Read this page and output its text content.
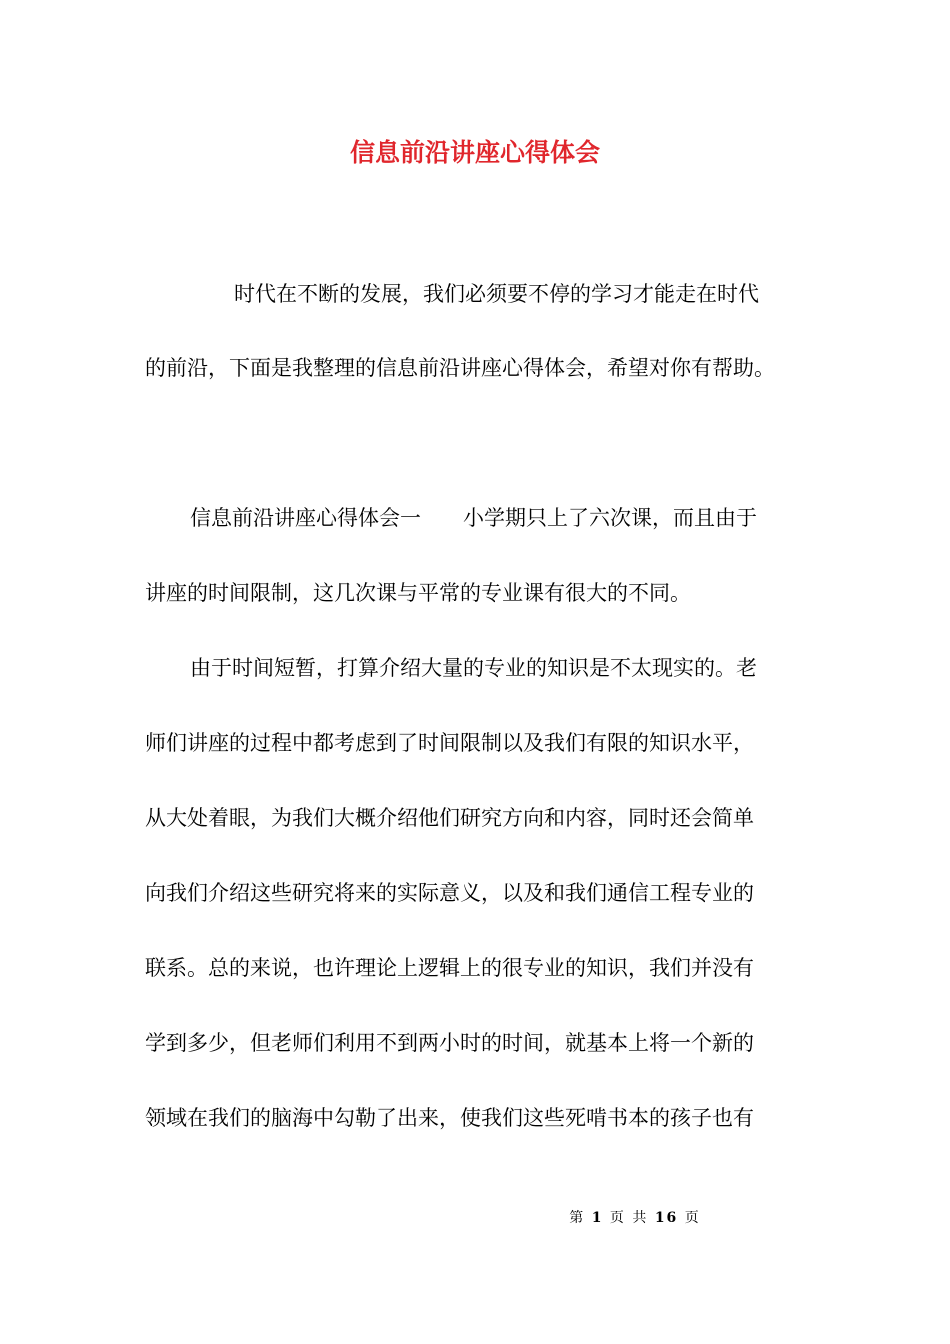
信息前沿讲座心得体会

时代在不断的发展，我们必须要不停的学习才能走在时代

的前沿，下面是我整理的信息前沿讲座心得体会，希望对你有帮助。

信息前沿讲座心得体会一　　小学期只上了六次课，而且由于

讲座的时间限制，这几次课与平常的专业课有很大的不同。

由于时间短暂，打算介绍大量的专业的知识是不太现实的。老

师们讲座的过程中都考虑到了时间限制以及我们有限的知识水平，

从大处着眼，为我们大概介绍他们研究方向和内容，同时还会简单

向我们介绍这些研究将来的实际意义，以及和我们通信工程专业的

联系。总的来说，也许理论上逻辑上的很专业的知识，我们并没有

学到多少，但老师们利用不到两小时的时间，就基本上将一个新的

领域在我们的脑海中勾勒了出来，使我们这些死啃书本的孩子也有

第 1 页 共 16 页
